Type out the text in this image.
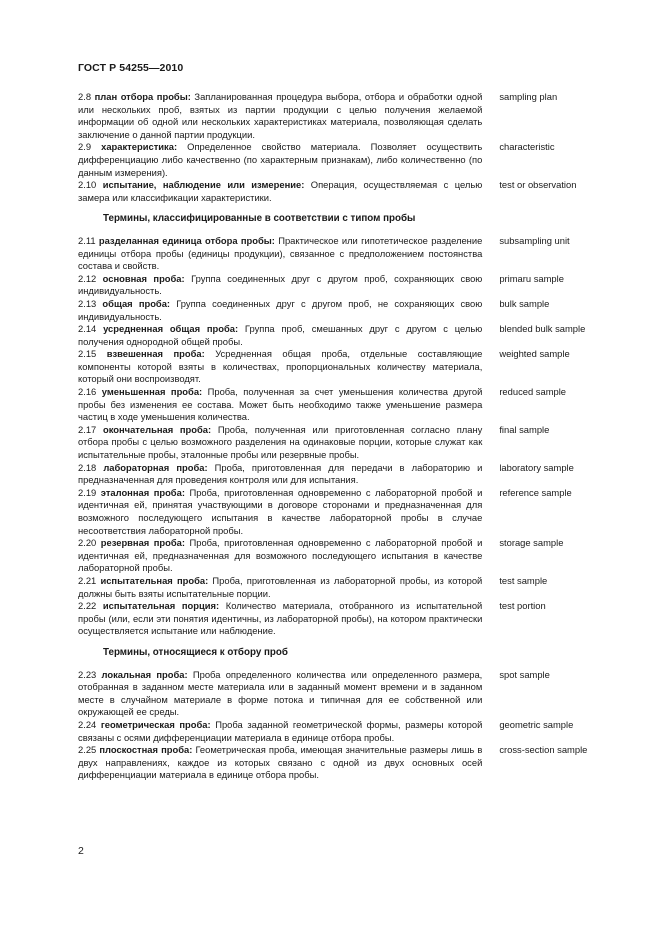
ГОСТ Р 54255—2010
2.8 план отбора пробы: Запланированная процедура выбора, отбора и обработки одной или нескольких проб, взятых из партии продукции с целью получения желаемой информации об одной или нескольких характеристиках материала, позволяющая сделать заключение о данной партии продукции.
sampling plan
2.9 характеристика: Определенное свойство материала. Позволяет осуществить дифференциацию либо качественно (по характерным признакам), либо количественно (по данным измерения).
characteristic
2.10 испытание, наблюдение или измерение: Операция, осуществляемая с целью замера или классификации характеристики.
test or observation
Термины, классифицированные в соответствии с типом пробы
2.11 разделанная единица отбора пробы: Практическое или гипотетическое разделение единицы отбора пробы (единицы продукции), связанное с предположением постоянства состава и свойств.
subsampling unit
2.12 основная проба: Группа соединенных друг с другом проб, сохраняющих свою индивидуальность.
primaru sample
2.13 общая проба: Группа соединенных друг с другом проб, не сохраняющих свою индивидуальность.
bulk sample
2.14 усредненная общая проба: Группа проб, смешанных друг с другом с целью получения однородной общей пробы.
blended bulk sample
2.15 взвешенная проба: Усредненная общая проба, отдельные составляющие компоненты которой взяты в количествах, пропорциональных количеству материала, который они воспроизводят.
weighted sample
2.16 уменьшенная проба: Проба, полученная за счет уменьшения количества другой пробы без изменения ее состава. Может быть необходимо также уменьшение размера частиц в ходе уменьшения количества.
reduced sample
2.17 окончательная проба: Проба, полученная или приготовленная согласно плану отбора пробы с целью возможного разделения на одинаковые порции, которые служат как испытательные пробы, эталонные пробы или резервные пробы.
final sample
2.18 лабораторная проба: Проба, приготовленная для передачи в лабораторию и предназначенная для проведения контроля или для испытания.
laboratory sample
2.19 эталонная проба: Проба, приготовленная одновременно с лабораторной пробой и идентичная ей, принятая участвующими в договоре сторонами и предназначенная для возможного последующего испытания в качестве лабораторной пробы в случае несоответствия лабораторной пробы.
reference sample
2.20 резервная проба: Проба, приготовленная одновременно с лабораторной пробой и идентичная ей, предназначенная для возможного последующего испытания в качестве лабораторной пробы.
storage sample
2.21 испытательная проба: Проба, приготовленная из лабораторной пробы, из которой должны быть взяты испытательные порции.
test sample
2.22 испытательная порция: Количество материала, отобранного из испытательной пробы (или, если эти понятия идентичны, из лабораторной пробы), на котором практически осуществляется испытание или наблюдение.
test portion
Термины, относящиеся к отбору проб
2.23 локальная проба: Проба определенного количества или определенного размера, отобранная в заданном месте материала или в заданный момент времени и в заданном месте в случайном материале в форме потока и типичная для ее собственной или окружающей ее среды.
spot sample
2.24 геометрическая проба: Проба заданной геометрической формы, размеры которой связаны с осями дифференциации материала в единице отбора пробы.
geometric sample
2.25 плоскостная проба: Геометрическая проба, имеющая значительные размеры лишь в двух направлениях, каждое из которых связано с одной из двух основных осей дифференциации материала в единице отбора пробы.
cross-section sample
2
